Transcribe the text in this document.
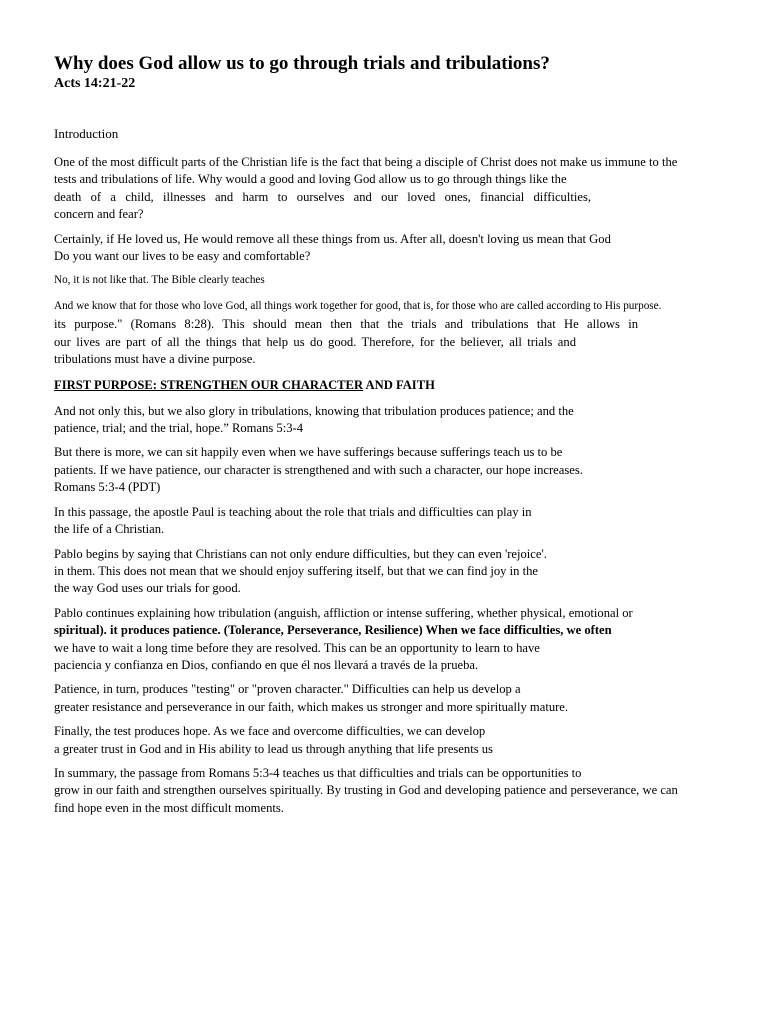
Why does God allow us to go through trials and tribulations?
Acts 14:21-22
Introduction

One of the most difficult parts of the Christian life is the fact that being a disciple of Christ does not make us immune to the
tests and tribulations of life. Why would a good and loving God allow us to go through things like the
death of a child, illnesses and harm to ourselves and our loved ones, financial difficulties,
concern and fear?

Certainly, if He loved us, He would remove all these things from us. After all, doesn't loving us mean that God
Do you want our lives to be easy and comfortable?

No, it is not like that. The Bible clearly teaches
And we know that for those who love God, all things work together for good, that is, for those who are called according to His purpose.

its purpose." (Romans 8:28). This should mean then that the trials and tribulations that He allows in
our lives are part of all the things that help us do good. Therefore, for the believer, all trials and
tribulations must have a divine purpose.

FIRST PURPOSE: STRENGTHEN OUR CHARACTER AND FAITH

And not only this, but we also glory in tribulations, knowing that tribulation produces patience; and the
patience, trial; and the trial, hope.” Romans 5:3-4

But there is more, we can sit happily even when we have sufferings because sufferings teach us to be
patients. If we have patience, our character is strengthened and with such a character, our hope increases.
Romans 5:3-4 (PDT)

In this passage, the apostle Paul is teaching about the role that trials and difficulties can play in
the life of a Christian.

Pablo begins by saying that Christians can not only endure difficulties, but they can even 'rejoice'.
in them. This does not mean that we should enjoy suffering itself, but that we can find joy in the
the way God uses our trials for good.

Pablo continues explaining how tribulation (anguish, affliction or intense suffering, whether physical, emotional or
spiritual). it produces patience. (Tolerance, Perseverance, Resilience) When we face difficulties, we often
we have to wait a long time before they are resolved. This can be an opportunity to learn to have
paciencia y confianza en Dios, confiando en que él nos llevará a través de la prueba.

Patience, in turn, produces "testing" or "proven character." Difficulties can help us develop a
greater resistance and perseverance in our faith, which makes us stronger and more spiritually mature.

Finally, the test produces hope. As we face and overcome difficulties, we can develop
a greater trust in God and in His ability to lead us through anything that life presents us

In summary, the passage from Romans 5:3-4 teaches us that difficulties and trials can be opportunities to
grow in our faith and strengthen ourselves spiritually. By trusting in God and developing patience and perseverance, we can
find hope even in the most difficult moments.
